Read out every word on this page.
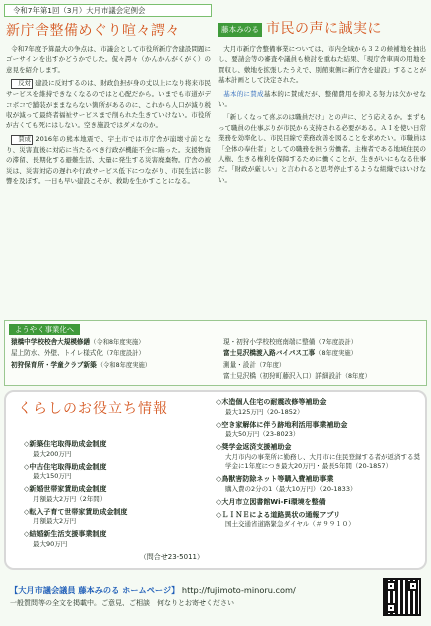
令和7年第1回（3月）大月市議会定例会
新庁舎整備めぐり喧々諤々

令和7年度予算最大の争点は、市議会として市役所新庁舎建設問題にゴーサインを出すかどうかでした。侃々諤々（かんかんがくがく）の意見を紹介します。

反対 建設に反対するのは、財政負担が身の丈以上になり将来市民サービスを維持できなくなるのではと心配だから。いまでも市道がデコボコで舗装がままならない箇所があるのに、これから人口が減り税収が減って最終者福祉サービスまで削られた生きていけない。市役所が古くても死にはしない。空き施設ではダメなのか。

賛成 2016年の熊本地震で、宇土市では市庁舎が崩壊寸前となり、災害直後に対応に当たるべき行政が機能不全に陥った。支援物資の滞留、長期化する避難生活、大量に発生する災害廃棄物。庁舎の被災は、災害対応の遅れや行政サービス低下につながり、市民生活に影響を及ぼす。一日も早い建設こそが、救助を生かすことになる。

藤本みのる 市民の声に誠実に

大月市新庁舎整備事業については、市内全域から３２の候補地を抽出し、要請会等の審査や議員も検討を重ねた結果、「現庁舎車両の用地を買収し、敷地を拡張したうえで、別館東側に新庁舎を建設」することが基本計画として決定された。

基本的に賛成基本的に賛成だが、整備費用を抑える努力は欠かせない。

「新しくなって喜ぶのは職員だけ」との声に、どう応えるか。まずもって職員の仕事ぶりが市民から支持される必要がある。ＡＩを使い日常業務を効率化し、市民目線で業務改善を図ることを求めたい。市職員は「全体の奉仕者」としての職務を担う労働者。主権者である地域住民の人権、生きる権利を保障するために働くことが、生きがいにもなる仕事だ。「財政が厳しい」と言われると思考停止するような組織ではいけない。

ようやく事業化へ
猿橋中学校校舎大規模修繕（令和8年度実施）
屋上防水、外壁、トイレ様式化（7年度設計）
初狩保育所・学童クラブ新築（令和8年度実施）
現・初狩小学校校庭南端に整備（7年度設計）
富士見沢橋渡入路バイパス工事（8年度実施）
測量・設計（7年度）
富士見沢橋（初狩町藤沢入口）詳細設計（8年度）
くらしのお役立ち情報
◇新築住宅取得助成金制度
最大200万円
◇中古住宅取得助成金制度
最大150万円
◇新婚世帯家賃助成金制度
月額最大2万円（2年間）
◇転入子育て世帯家賃助成金制度
月額最大2万円
◇結婚新生活支援事業制度
最大90万円
（問合せ23-5011）
◇木造個人住宅の耐震改修等補助金
最大125万円（20-1852）
◇空き家解体に伴う跡地利活用事業補助金
最大50万円（23-8023）
◇奨学金返済支援補助金
大月市内の事業所に勤務し、大月市に住民登録する者が返済する奨学金に1年度につき最大20万円・最長5年間（20-1857）
◇鳥獣害防除ネット等購入費補助事業
購入費の2分の1（最大10万円）（20-1833）
◇大月市立図書館Wi-Fi環境を整備
◇ＬＩＮＥによる道路異状の通報アプリ
国土交通省道路緊急ダイヤル（＃９９１０）
【大月市議会議員 藤本みのる ホームページ】 http://fujimoto-minoru.com/
一般質問等の全文を掲載中。ご意見、ご相談　何なりとお寄せください
